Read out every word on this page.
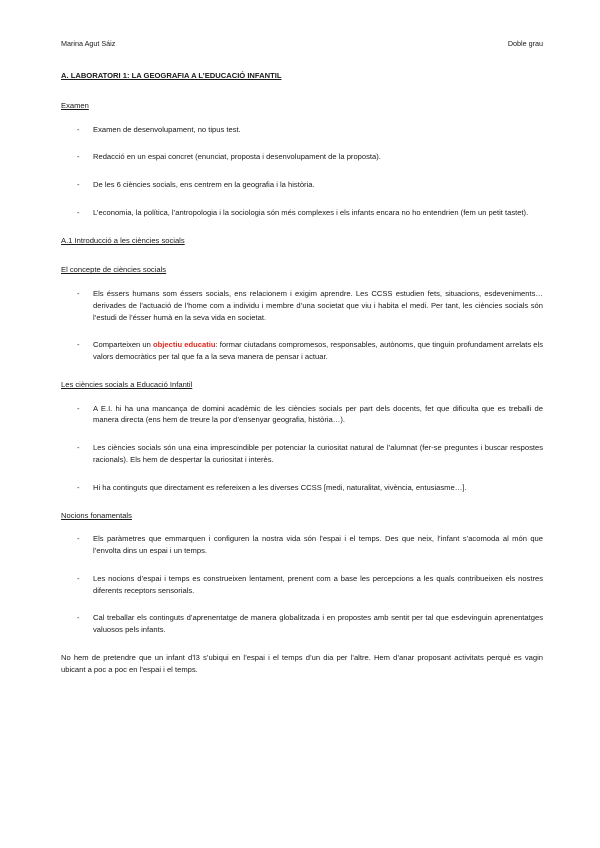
Marina Agut Sáiz	Doble grau
A. LABORATORI 1: LA GEOGRAFIA A L’EDUCACIÓ INFANTIL
Examen
- Examen de desenvolupament, no tipus test.
- Redacció en un espai concret (enunciat, proposta i desenvolupament de la proposta).
- De les 6 ciències socials, ens centrem en la geografia i la història.
- L’economia, la política, l’antropologia i la sociologia són més complexes i els infants encara no ho entendrien (fem un petit tastet).
A.1 Introducció a les ciències socials
El concepte de ciències socials
- Els éssers humans som éssers socials, ens relacionem i exigim aprendre. Les CCSS estudien fets, situacions, esdeveniments… derivades de l’actuació de l’home com a individu i membre d’una societat que viu i habita el medi. Per tant, les ciències socials són l’estudi de l’ésser humà en la seva vida en societat.
- Comparteixen un objectiu educatiu: formar ciutadans compromesos, responsables, autònoms, que tinguin profundament arrelats els valors democràtics per tal que fa a la seva manera de pensar i actuar.
Les ciències socials a Educació Infantil
- A E.I. hi ha una mancança de domini acadèmic de les ciències socials per part dels docents, fet que dificulta que es treballi de manera directa (ens hem de treure la por d’ensenyar geografia, història…).
- Les ciències socials són una eina imprescindible per potenciar la curiositat natural de l’alumnat (fer-se preguntes i buscar respostes racionals). Els hem de despertar la curiositat i interès.
- Hi ha continguts que directament es refereixen a les diverses CCSS [medi, naturalitat, vivència, entusiasme…].
Nocions fonamentals
- Els paràmetres que emmarquen i configuren la nostra vida són l’espai i el temps. Des que neix, l’infant s’acomoda al món que l’envolta dins un espai i un temps.
- Les nocions d’espai i temps es construeixen lentament, prenent com a base les percepcions a les quals contribueixen els nostres diferents receptors sensorials.
- Cal treballar els continguts d’aprenentatge de manera globalitzada i en propostes amb sentit per tal que esdevinguin aprenentatges valuosos pels infants.

No hem de pretendre que un infant d’l3 s’ubiqui en l’espai i el temps d’un dia per l’altre. Hem d’anar proposant activitats perquè es vagin ubicant a poc a poc en l’espai i el temps.
